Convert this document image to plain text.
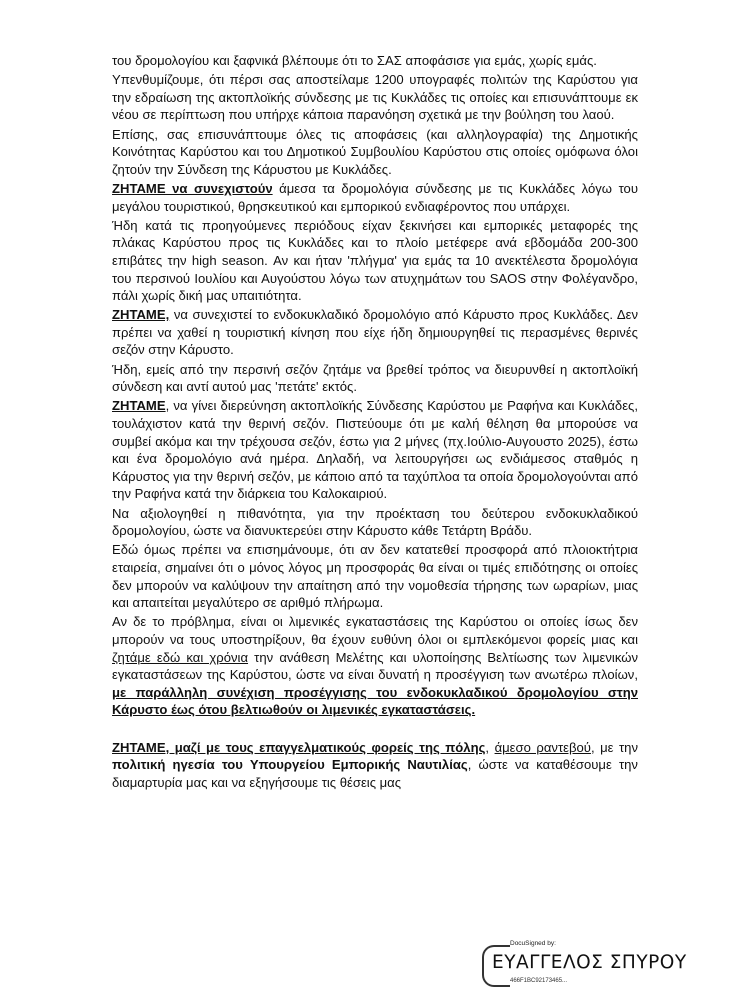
του δρομολογίου και ξαφνικά βλέπουμε ότι το ΣΑΣ αποφάσισε για εμάς, χωρίς εμάς.

Υπενθυμίζουμε, ότι πέρσι σας αποστείλαμε 1200 υπογραφές πολιτών της Καρύστου για την εδραίωση της ακτοπλοϊκής σύνδεσης με τις Κυκλάδες τις οποίες και επισυνάπτουμε εκ νέου σε περίπτωση που υπήρχε κάποια παρανόηση σχετικά με την βούληση του λαού.

Επίσης, σας επισυνάπτουμε όλες τις αποφάσεις (και αλληλογραφία) της Δημοτικής Κοινότητας Καρύστου και του Δημοτικού Συμβουλίου Καρύστου στις οποίες ομόφωνα όλοι ζητούν την Σύνδεση της Κάρυστου με Κυκλάδες.

ΖΗΤΑΜΕ να συνεχιστούν άμεσα τα δρομολόγια σύνδεσης με τις Κυκλάδες λόγω του μεγάλου τουριστικού, θρησκευτικού και εμπορικού ενδιαφέροντος που υπάρχει.

Ήδη κατά τις προηγούμενες περιόδους είχαν ξεκινήσει και εμπορικές μεταφορές της πλάκας Καρύστου προς τις Κυκλάδες και το πλοίο μετέφερε ανά εβδομάδα 200-300 επιβάτες την high season. Αν και ήταν 'πλήγμα' για εμάς τα 10 ανεκτέλεστα δρομολόγια του περσινού Ιουλίου και Αυγούστου λόγω των ατυχημάτων του SAOS στην Φολέγανδρο, πάλι χωρίς δική μας υπαιτιότητα.

ΖΗΤΑΜΕ, να συνεχιστεί το ενδοκυκλαδικό δρομολόγιο από Κάρυστο προς Κυκλάδες. Δεν πρέπει να χαθεί η τουριστική κίνηση που είχε ήδη δημιουργηθεί τις περασμένες θερινές σεζόν στην Κάρυστο.

Ήδη, εμείς από την περσινή σεζόν ζητάμε να βρεθεί τρόπος να διευρυνθεί η ακτοπλοϊκή σύνδεση και αντί αυτού μας 'πετάτε' εκτός.

ΖΗΤΑΜΕ, να γίνει διερεύνηση ακτοπλοϊκής Σύνδεσης Καρύστου με Ραφήνα και Κυκλάδες, τουλάχιστον κατά την θερινή σεζόν. Πιστεύουμε ότι με καλή θέληση θα μπορούσε να συμβεί ακόμα και την τρέχουσα σεζόν, έστω για 2 μήνες (πχ.Ιούλιο-Αυγουστο 2025), έστω και ένα δρομολόγιο ανά ημέρα. Δηλαδή, να λειτουργήσει ως ενδιάμεσος σταθμός η Κάρυστος για την θερινή σεζόν, με κάποιο από τα ταχύπλοα τα οποία δρομολογούνται από την Ραφήνα κατά την διάρκεια του Καλοκαιριού.

Να αξιολογηθεί η πιθανότητα, για την προέκταση του δεύτερου ενδοκυκλαδικού δρομολογίου, ώστε να διανυκτερεύει στην Κάρυστο κάθε Τετάρτη Βράδυ.

Εδώ όμως πρέπει να επισημάνουμε, ότι αν δεν κατατεθεί προσφορά από πλοιοκτήτρια εταιρεία, σημαίνει ότι ο μόνος λόγος μη προσφοράς θα είναι οι τιμές επιδότησης οι οποίες δεν μπορούν να καλύψουν την απαίτηση από την νομοθεσία τήρησης των ωραρίων, μιας και απαιτείται μεγαλύτερο σε αριθμό πλήρωμα.

Αν δε το πρόβλημα, είναι οι λιμενικές εγκαταστάσεις της Καρύστου οι οποίες ίσως δεν μπορούν να τους υποστηρίξουν, θα έχουν ευθύνη όλοι οι εμπλεκόμενοι φορείς μιας και ζητάμε εδώ και χρόνια την ανάθεση Μελέτης και υλοποίησης Βελτίωσης των λιμενικών εγκαταστάσεων της Καρύστου, ώστε να είναι δυνατή η προσέγγιση των ανωτέρω πλοίων, με παράλληλη συνέχιση προσέγγισης του ενδοκυκλαδικού δρομολογίου στην Κάρυστο έως ότου βελτιωθούν οι λιμενικές εγκαταστάσεις.

ΖΗΤΑΜΕ, μαζί με τους επαγγελματικούς φορείς της πόλης, άμεσο ραντεβού, με την πολιτική ηγεσία του Υπουργείου Εμπορικής Ναυτιλίας, ώστε να καταθέσουμε την διαμαρτυρία μας και να εξηγήσουμε τις θέσεις μας

DocuSigned by:
ΕΥΑΓΓΕΛΟΣ ΣΠΥΡΟΥ
466F1BC92173465...
